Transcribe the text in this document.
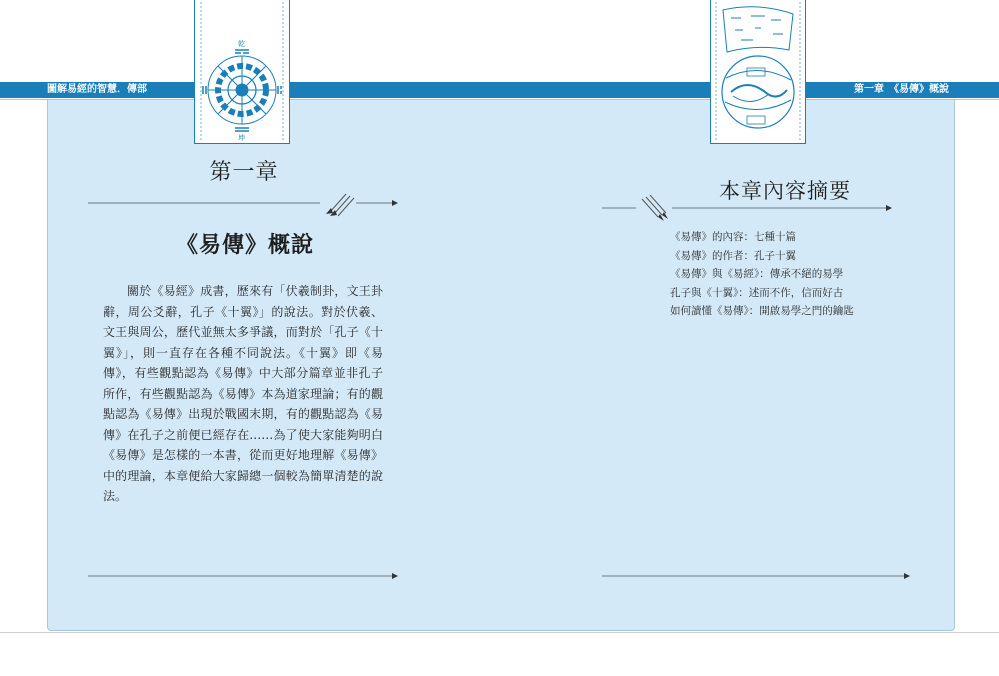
圖解易經的智慧．傳部	第一章　《易傳》概說
乾
坤
第一章
《易傳》概說

關於《易經》成書，歷來有「伏羲制卦，文王卦辭，周公爻辭，孔子《十翼》」的說法。對於伏羲、文王與周公，歷代並無太多爭議，而對於「孔子《十翼》」，則一直存在各種不同說法。《十翼》即《易傳》，有些觀點認為《易傳》中大部分篇章並非孔子所作，有些觀點認為《易傳》本為道家理論；有的觀點認為《易傳》出現於戰國末期，有的觀點認為《易傳》在孔子之前便已經存在……為了使大家能夠明白《易傳》是怎樣的一本書，從而更好地理解《易傳》中的理論，本章便給大家歸總一個較為簡單清楚的說法。

本章內容摘要
《易傳》的內容：七種十篇
《易傳》的作者：孔子十翼
《易傳》與《易經》：傳承不絕的易學
孔子與《十翼》：述而不作，信而好古
如何讀懂《易傳》：開啟易學之門的鑰匙
